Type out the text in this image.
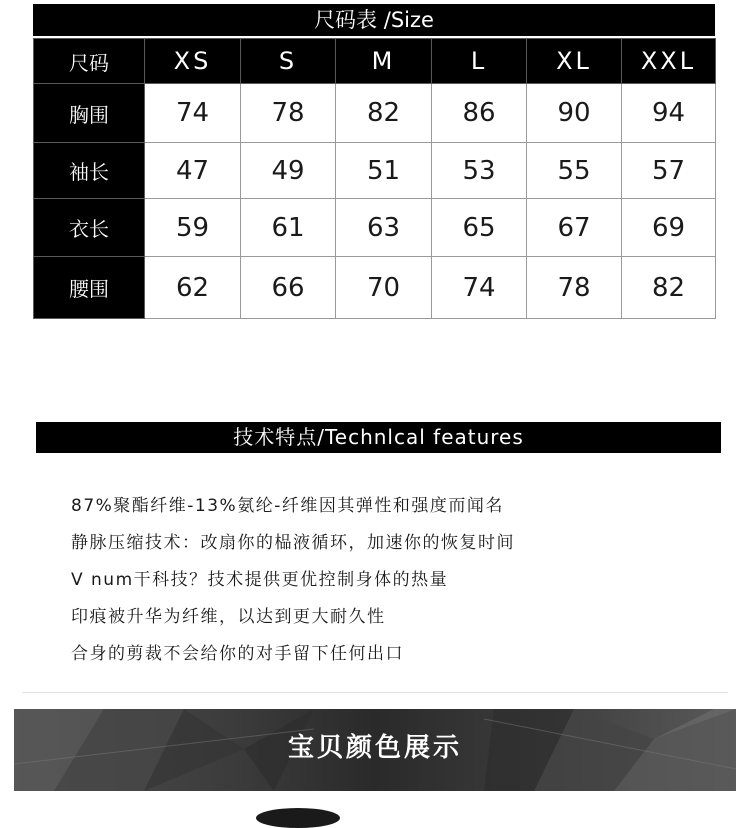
尺码表 /Size
尺码	XS	S	M	L	XL	XXL
胸围	74	78	82	86	90	94
袖长	47	49	51	53	55	57
衣长	59	61	63	65	67	69
腰围	62	66	70	74	78	82
技术特点/Technlcal features
87%聚酯纤维-13%氨纶-纤维因其弹性和强度而闻名
静脉压缩技术：改扇你的榀液循环，加速你的恢复时间
V num干科技？技术提供更优控制身体的热量
印痕被升华为纤维，以达到更大耐久性
合身的剪裁不会给你的对手留下任何出口
宝贝颜色展示
